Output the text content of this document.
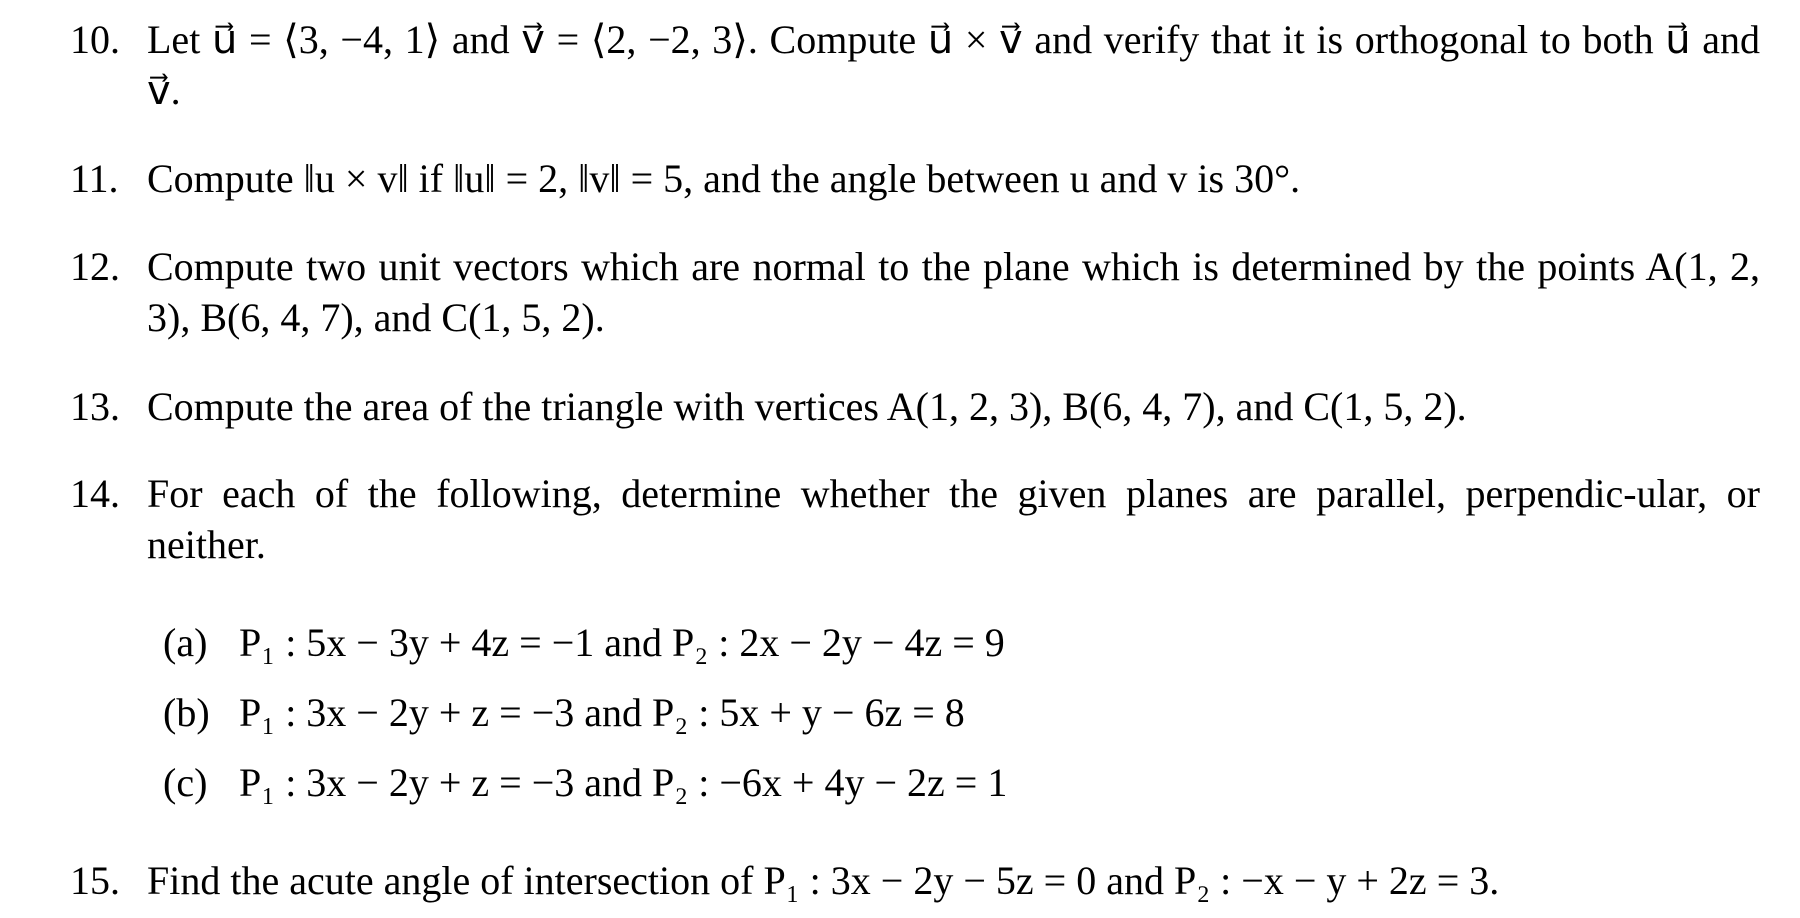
10. Let u⃗ = ⟨3, −4, 1⟩ and v⃗ = ⟨2, −2, 3⟩. Compute u⃗ × v⃗ and verify that it is orthogonal to both u⃗ and v⃗.
11. Compute ‖u × v‖ if ‖u‖ = 2, ‖v‖ = 5, and the angle between u and v is 30°.
12. Compute two unit vectors which are normal to the plane which is determined by the points A(1, 2, 3), B(6, 4, 7), and C(1, 5, 2).
13. Compute the area of the triangle with vertices A(1, 2, 3), B(6, 4, 7), and C(1, 5, 2).
14. For each of the following, determine whether the given planes are parallel, perpendic-ular, or neither.
(a) P₁ : 5x − 3y + 4z = −1 and P₂ : 2x − 2y − 4z = 9
(b) P₁ : 3x − 2y + z = −3 and P₂ : 5x + y − 6z = 8
(c) P₁ : 3x − 2y + z = −3 and P₂ : −6x + 4y − 2z = 1
15. Find the acute angle of intersection of P₁ : 3x − 2y − 5z = 0 and P₂ : −x − y + 2z = 3.
